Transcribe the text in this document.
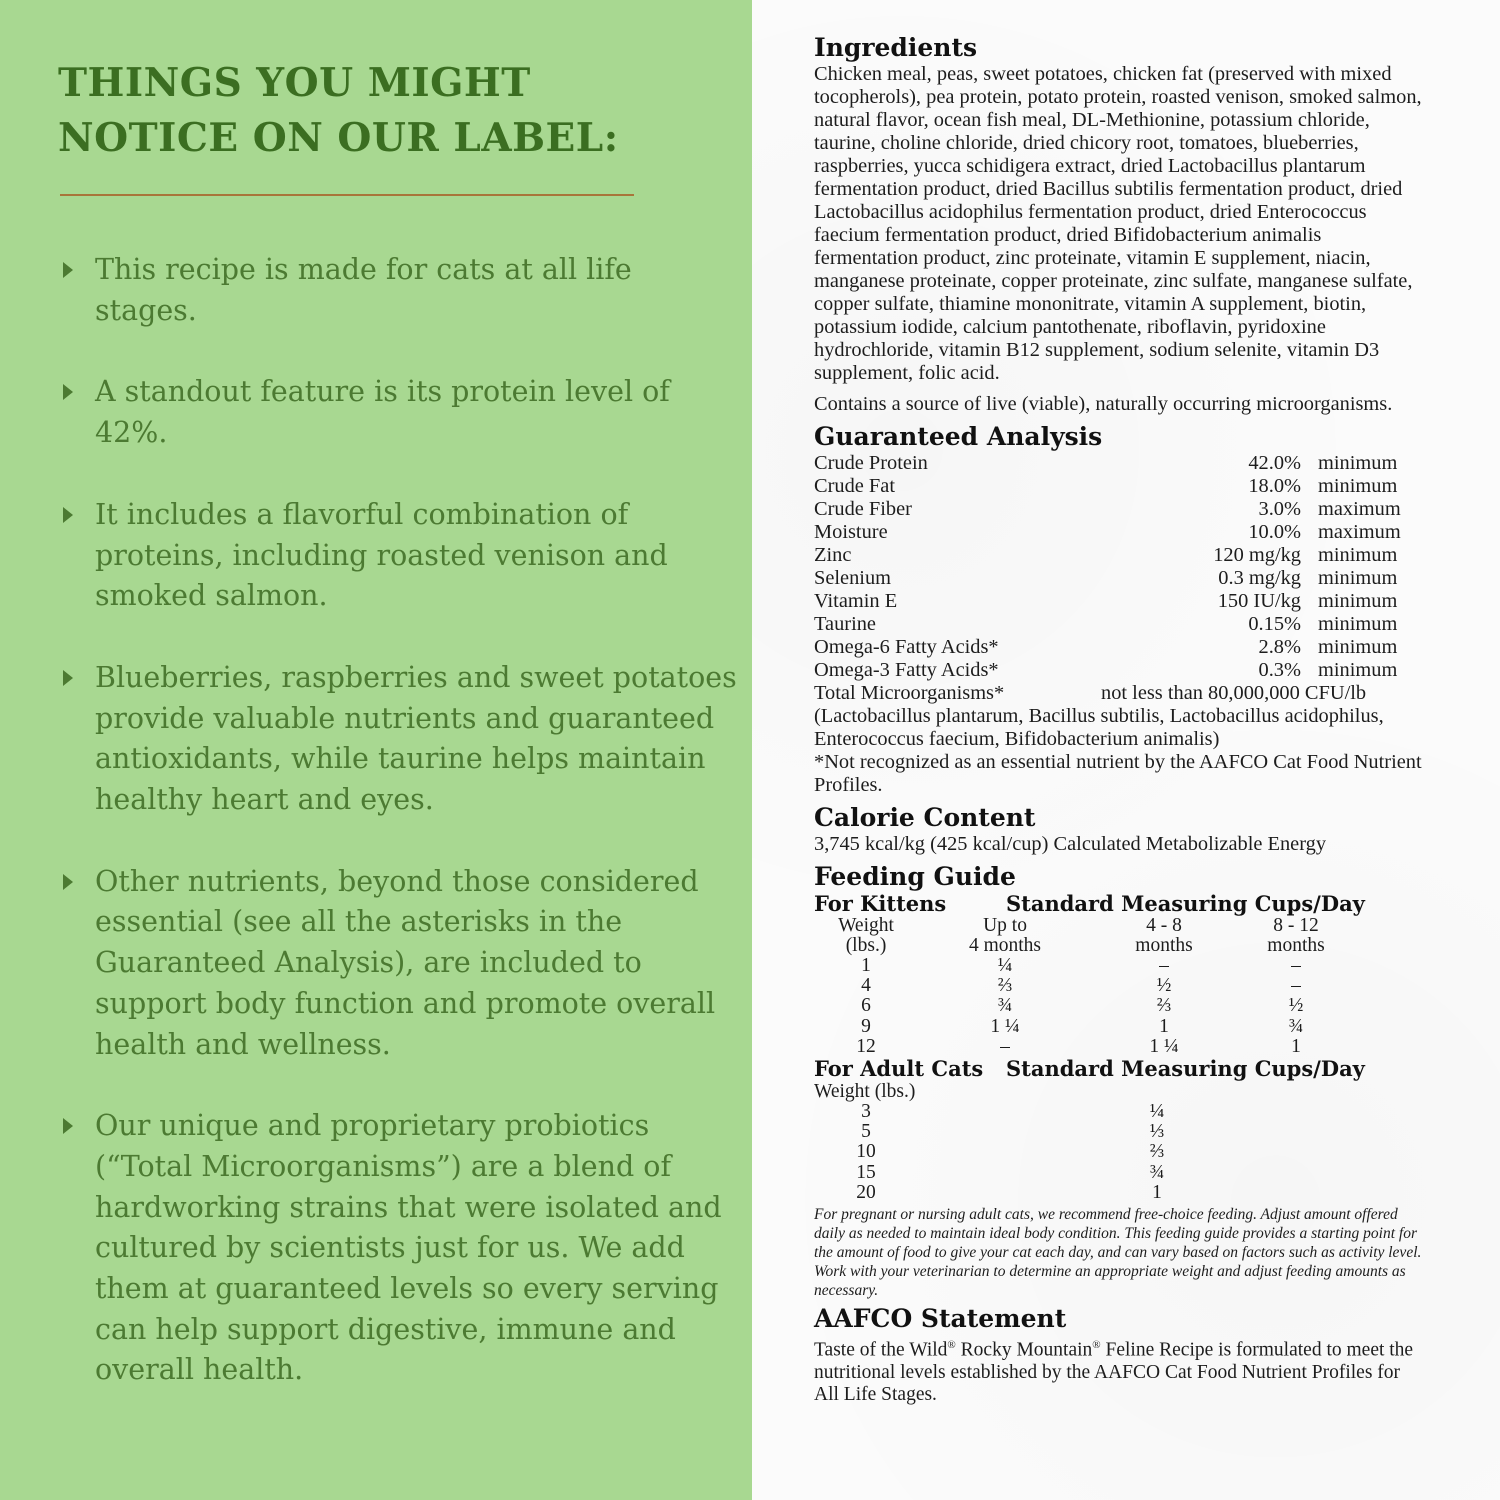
THINGS YOU MIGHT NOTICE ON OUR LABEL:
This recipe is made for cats at all life stages.
A standout feature is its protein level of 42%.
It includes a flavorful combination of proteins, including roasted venison and smoked salmon.
Blueberries, raspberries and sweet potatoes provide valuable nutrients and guaranteed antioxidants, while taurine helps maintain healthy heart and eyes.
Other nutrients, beyond those considered essential (see all the asterisks in the Guaranteed Analysis), are included to support body function and promote overall health and wellness.
Our unique and proprietary probiotics (“Total Microorganisms”) are a blend of hardworking strains that were isolated and cultured by scientists just for us. We add them at guaranteed levels so every serving can help support digestive, immune and overall health.
Ingredients

Chicken meal, peas, sweet potatoes, chicken fat (preserved with mixed tocopherols), pea protein, potato protein, roasted venison, smoked salmon, natural flavor, ocean fish meal, DL-Methionine, potassium chloride, taurine, choline chloride, dried chicory root, tomatoes, blueberries, raspberries, yucca schidigera extract, dried Lactobacillus plantarum fermentation product, dried Bacillus subtilis fermentation product, dried Lactobacillus acidophilus fermentation product, dried Enterococcus faecium fermentation product, dried Bifidobacterium animalis fermentation product, zinc proteinate, vitamin E supplement, niacin, manganese proteinate, copper proteinate, zinc sulfate, manganese sulfate, copper sulfate, thiamine mononitrate, vitamin A supplement, biotin, potassium iodide, calcium pantothenate, riboflavin, pyridoxine hydrochloride, vitamin B12 supplement, sodium selenite, vitamin D3 supplement, folic acid.

Contains a source of live (viable), naturally occurring microorganisms.

Guaranteed Analysis
Crude Protein	42.0% minimum
Crude Fat	18.0% minimum
Crude Fiber	3.0% maximum
Moisture	10.0% maximum
Zinc	120 mg/kg minimum
Selenium	0.3 mg/kg minimum
Vitamin E	150 IU/kg minimum
Taurine	0.15% minimum
Omega-6 Fatty Acids*	2.8% minimum
Omega-3 Fatty Acids*	0.3% minimum
Total Microorganisms*	not less than 80,000,000 CFU/lb

(Lactobacillus plantarum, Bacillus subtilis, Lactobacillus acidophilus, Enterococcus faecium, Bifidobacterium animalis)

*Not recognized as an essential nutrient by the AAFCO Cat Food Nutrient Profiles.

Calorie Content

3,745 kcal/kg (425 kcal/cup) Calculated Metabolizable Energy

Feeding Guide
For Kittens	Standard Measuring Cups/Day
Weight	Up to	4 - 8	8 - 12
(lbs.)	4 months	months	months
1	¼	–	–
4	⅔	½	–
6	¾	⅔	½
9	1 ¼	1	¾
12	–	1 ¼	1
For Adult Cats	Standard Measuring Cups/Day
Weight (lbs.)
3	¼
5	⅓
10	⅔
15	¾
20	1

For pregnant or nursing adult cats, we recommend free-choice feeding. Adjust amount offered daily as needed to maintain ideal body condition. This feeding guide provides a starting point for the amount of food to give your cat each day, and can vary based on factors such as activity level. Work with your veterinarian to determine an appropriate weight and adjust feeding amounts as necessary.

AAFCO Statement

Taste of the Wild® Rocky Mountain® Feline Recipe is formulated to meet the nutritional levels established by the AAFCO Cat Food Nutrient Profiles for All Life Stages.
